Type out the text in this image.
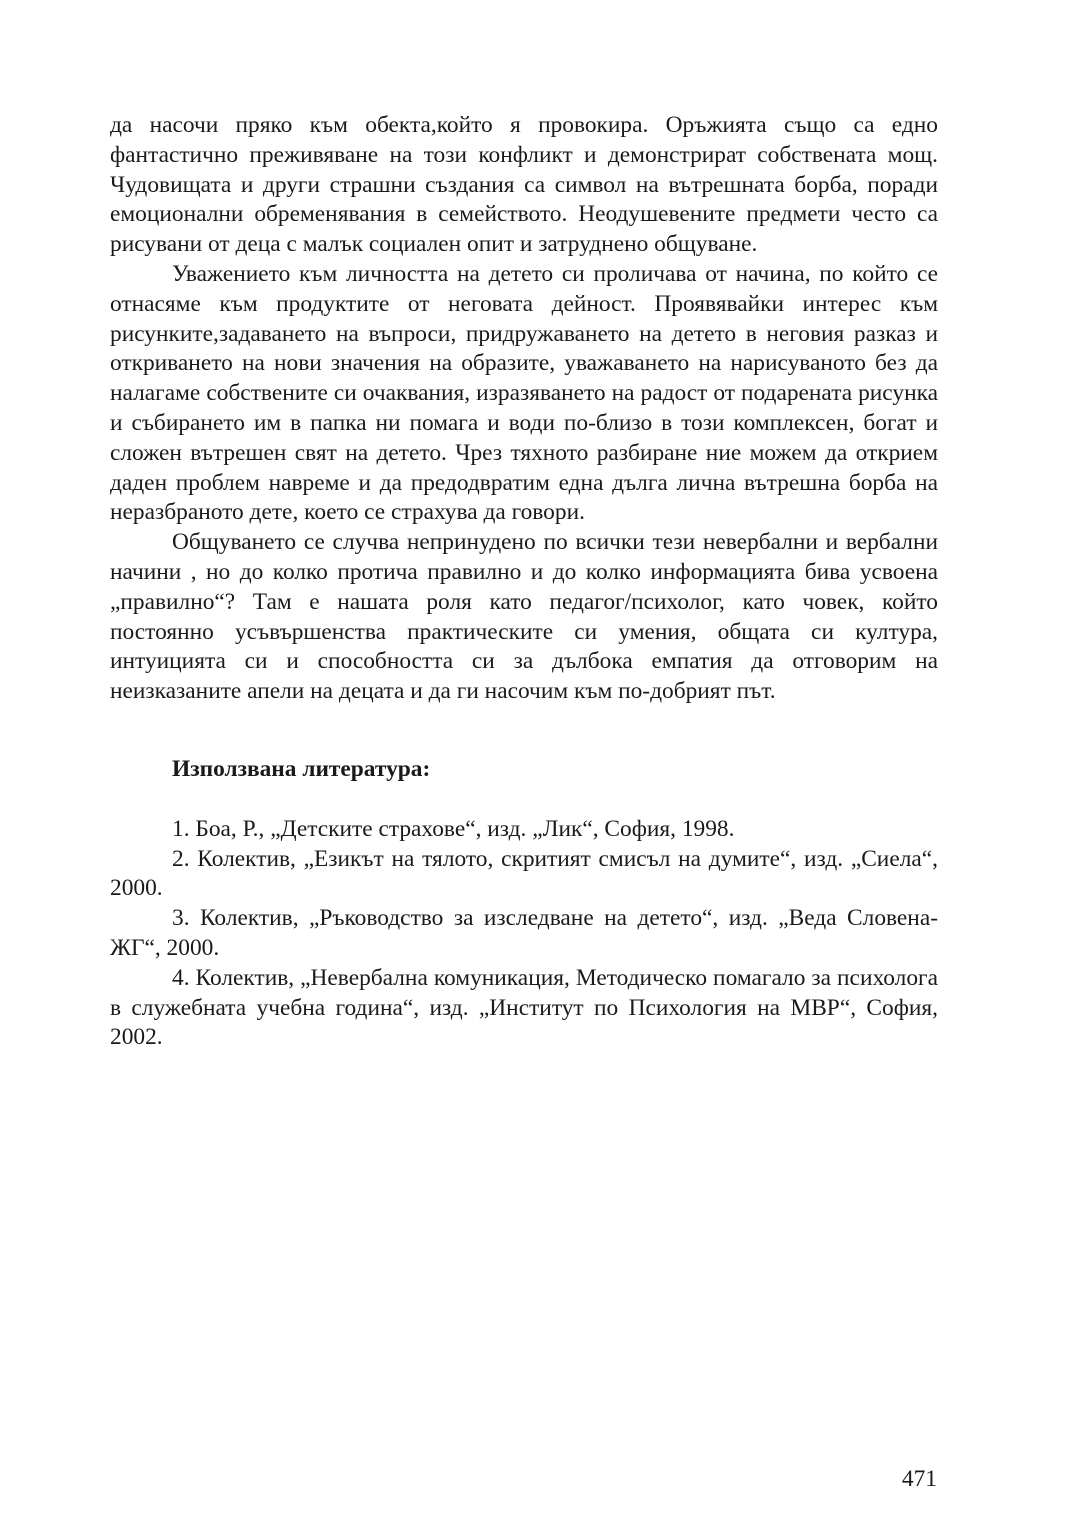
да насочи пряко към обекта,който я провокира. Оръжията също са едно фантастично преживяване на този конфликт и демонстрират собствената мощ. Чудовищата и други страшни създания са символ на вътрешната борба, поради емоционални обременявания в семейството. Неодушевените предмети често са рисувани от деца с малък социален опит и затруднено общуване.

Уважението към личността на детето си проличава от начина, по който се отнасяме към продуктите от неговата дейност. Проявявайки интерес към рисунките,задаването на въпроси, придружаването на детето в неговия разказ и откриването на нови значения на образите, уважаването на нарисуваното без да налагаме собствените си очаквания, изразяването на радост от подарената рисунка и събирането им в папка ни помага и води по-близо в този комплексен, богат и сложен вътрешен свят на детето. Чрез тяхното разбиране ние можем да открием даден проблем навреме и да предодвратим една дълга лична вътрешна борба на неразбраното дете, което се страхува да говори.

Общуването се случва непринудено по всички тези невербални и вербални начини , но до колко протича правилно и до колко информацията бива усвоена „правилно“? Там е нашата роля като педагог/психолог, като човек, който постоянно усъвършенства практическите си умения, общата си култура, интуицията си и способността си за дълбока емпатия да отговорим на неизказаните апели на децата и да ги насочим към по-добрият път.

Използвана литература:
1. Боа, Р., „Детските страхове“, изд. „Лик“, София, 1998.
2. Колектив, „Езикът на тялото, скритият смисъл на думите“, изд. „Сиела“, 2000.
3. Колектив, „Ръководство за изследване на детето“, изд. „Веда Словена-ЖГ“, 2000.
4. Колектив, „Невербална комуникация, Методическо помагало за психолога в служебната учебна година“, изд. „Институт по Психология на МВР“, София, 2002.
471
